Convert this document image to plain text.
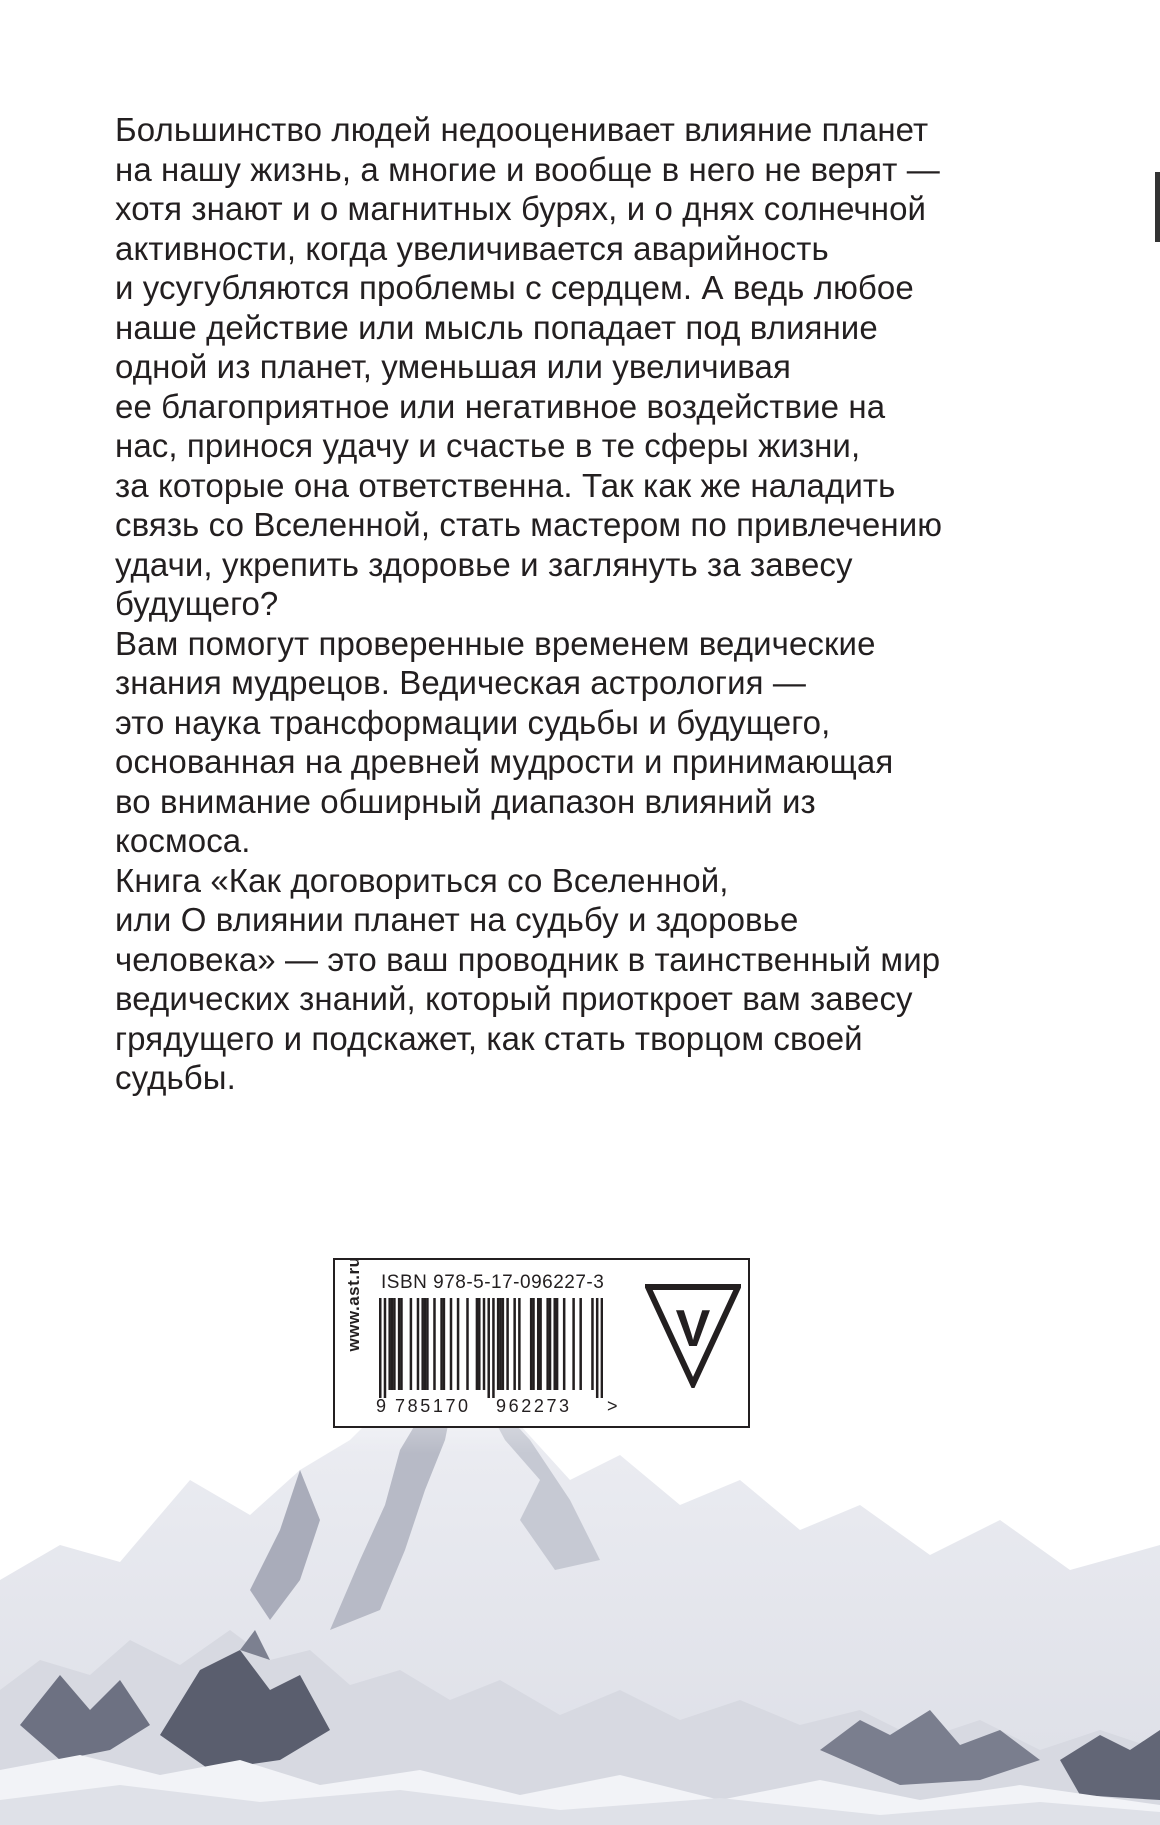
Большинство людей недооценивает влияние планет
на нашу жизнь, а многие и вообще в него не верят —
хотя знают и о магнитных бурях, и о днях солнечной
активности, когда увеличивается аварийность
и усугубляются проблемы с сердцем. А ведь любое
наше действие или мысль попадает под влияние
одной из планет, уменьшая или увеличивая
ее благоприятное или негативное воздействие на
нас, принося удачу и счастье в те сферы жизни,
за которые она ответственна. Так как же наладить
связь со Вселенной, стать мастером по привлечению
удачи, укрепить здоровье и заглянуть за завесу
будущего?

Вам помогут проверенные временем ведические
знания мудрецов. Ведическая астрология —
это наука трансформации судьбы и будущего,
основанная на древней мудрости и принимающая
во внимание обширный диапазон влияний из
космоса.

Книга «Как договориться со Вселенной,
или О влиянии планет на судьбу и здоровье
человека» — это ваш проводник в таинственный мир
ведических знаний, который приоткроет вам завесу
грядущего и подскажет, как стать творцом своей
судьбы.

www.ast.ru ISBN 978-5-17-096227-3
9 785170 962273 >
V
